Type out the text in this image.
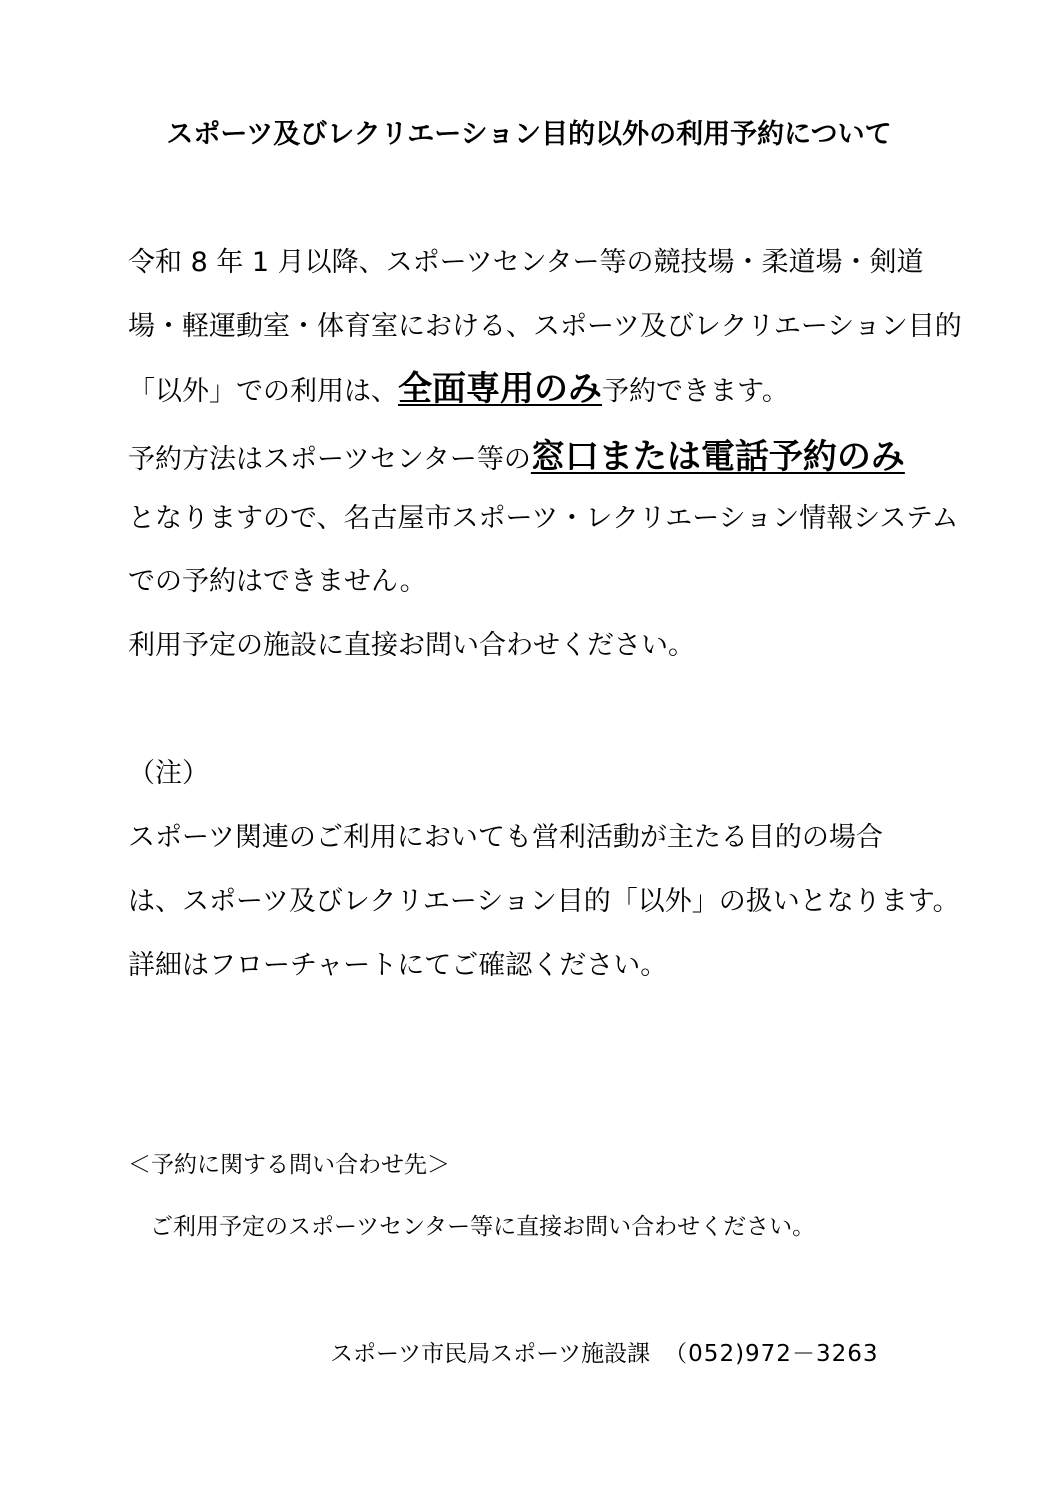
スポーツ及びレクリエーション目的以外の利用予約について
令和 8 年 1 月以降、スポーツセンター等の競技場・柔道場・剣道
場・軽運動室・体育室における、スポーツ及びレクリエーション目的
「以外」での利用は、全面専用のみ予約できます。
予約方法はスポーツセンター等の窓口または電話予約のみ
となりますので、名古屋市スポーツ・レクリエーション情報システム
での予約はできません。
利用予定の施設に直接お問い合わせください。
（注）
スポーツ関連のご利用においても営利活動が主たる目的の場合
は、スポーツ及びレクリエーション目的「以外」の扱いとなります。
詳細はフローチャートにてご確認ください。
＜予約に関する問い合わせ先＞
ご利用予定のスポーツセンター等に直接お問い合わせください。
スポーツ市民局スポーツ施設課 （052)972－3263
